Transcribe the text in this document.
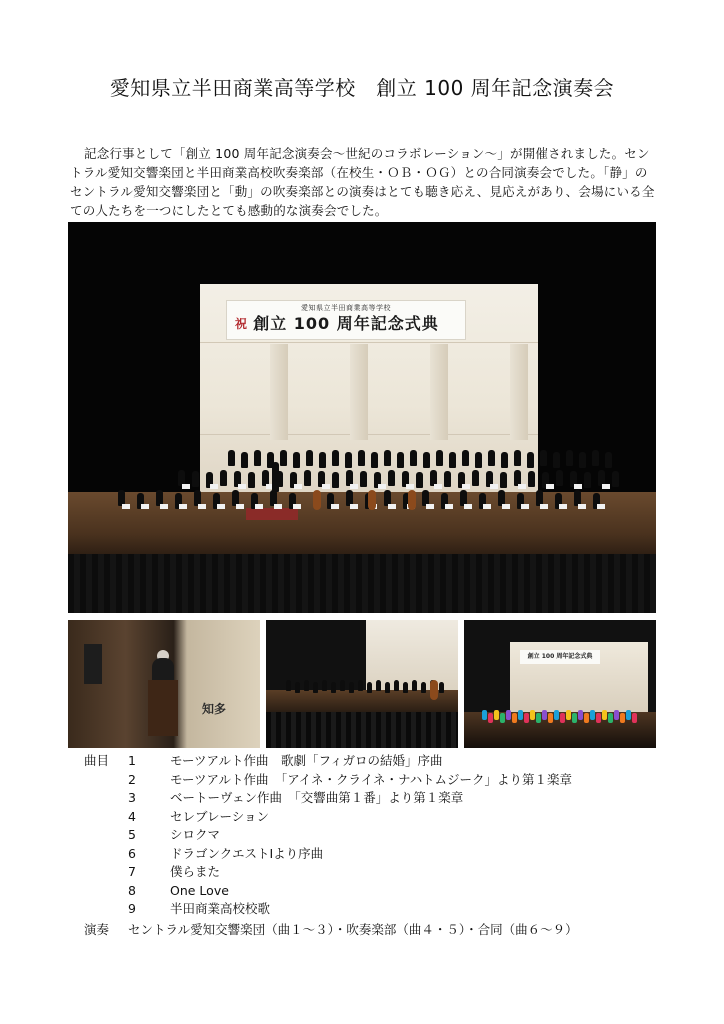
愛知県立半田商業高等学校　創立 100 周年記念演奏会
記念行事として「創立 100 周年記念演奏会～世紀のコラボレーション～」が開催されました。セントラル愛知交響楽団と半田商業高校吹奏楽部（在校生・ＯＢ・ＯＧ）との合同演奏会でした。「静」のセントラル愛知交響楽団と「動」の吹奏楽部との演奏はとても聴き応え、見応えがあり、会場にいる全ての人たちを一つにしたとても感動的な演奏会でした。
祝
愛知県立半田商業高等学校
創立 100 周年記念式典
知多
創立 100 周年記念式典
曲目	1	モーツアルト作曲　歌劇「フィガロの結婚」序曲
2	モーツアルト作曲　「アイネ・クライネ・ナハトムジーク」より第１楽章
3	ベートーヴェン作曲　「交響曲第１番」より第１楽章
4	セレブレーション
5	シロクマ
6	ドラゴンクエストⅠより序曲
7	僕らまた
8	One Love
9	半田商業高校校歌
演奏 セントラル愛知交響楽団（曲１～３）・吹奏楽部（曲４・５）・合同（曲６～９）
